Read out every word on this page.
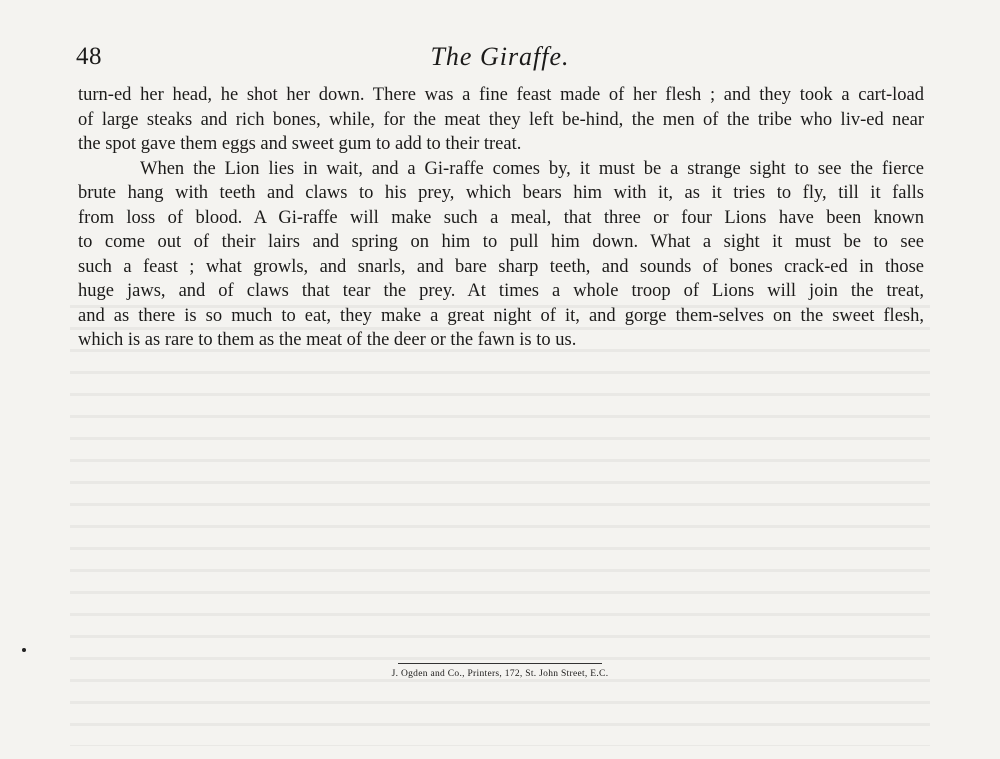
48	The Giraffe.
turn-ed her head, he shot her down. There was a fine feast made of her flesh ; and they took a cart-load
of large steaks and rich bones, while, for the meat they left be-hind, the men of the tribe who liv-ed near
the spot gave them eggs and sweet gum to add to their treat.
When the Lion lies in wait, and a Gi-raffe comes by, it must be a strange sight to see the fierce
brute hang with teeth and claws to his prey, which bears him with it, as it tries to fly, till it falls
from loss of blood. A Gi-raffe will make such a meal, that three or four Lions have been known
to come out of their lairs and spring on him to pull him down. What a sight it must be to see
such a feast ; what growls, and snarls, and bare sharp teeth, and sounds of bones crack-ed in those
huge jaws, and of claws that tear the prey. At times a whole troop of Lions will join the treat,
and as there is so much to eat, they make a great night of it, and gorge them-selves on the sweet flesh,
which is as rare to them as the meat of the deer or the fawn is to us.
J. Ogden and Co., Printers, 172, St. John Street, E.C.
